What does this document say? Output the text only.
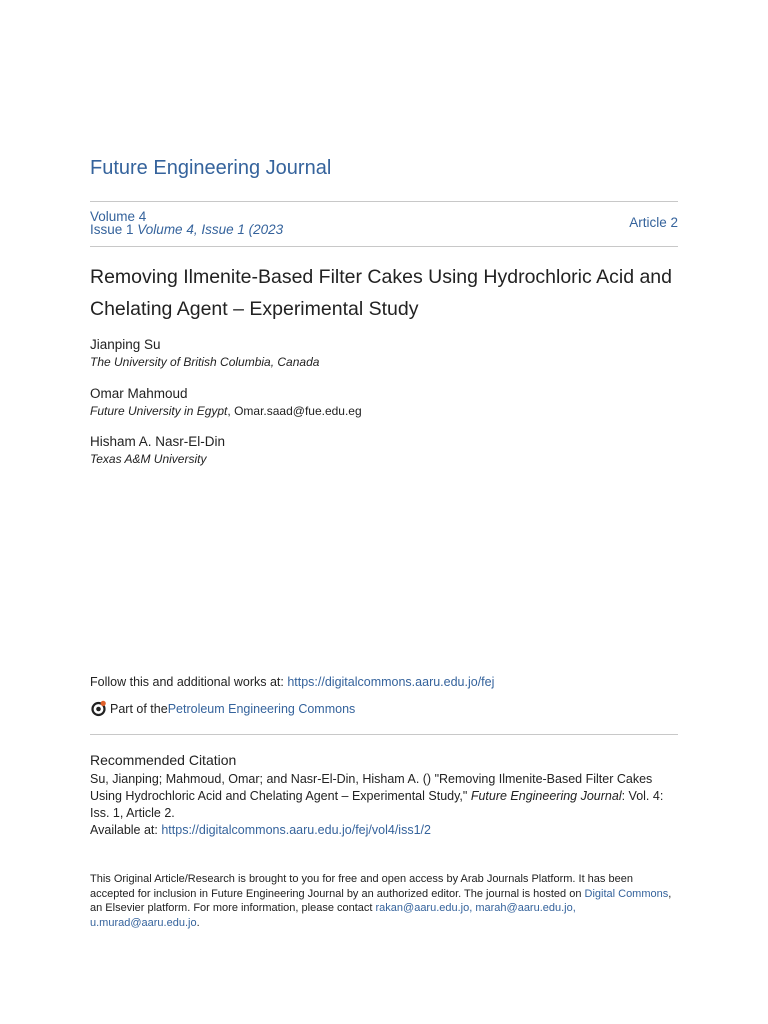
Future Engineering Journal
Volume 4
Issue 1 Volume 4, Issue 1 (2023	Article 2
Removing Ilmenite-Based Filter Cakes Using Hydrochloric Acid and Chelating Agent – Experimental Study
Jianping Su
The University of British Columbia, Canada
Omar Mahmoud
Future University in Egypt, Omar.saad@fue.edu.eg
Hisham A. Nasr-El-Din
Texas A&M University
Follow this and additional works at: https://digitalcommons.aaru.edu.jo/fej
Part of the Petroleum Engineering Commons
Recommended Citation
Su, Jianping; Mahmoud, Omar; and Nasr-El-Din, Hisham A. () "Removing Ilmenite-Based Filter Cakes Using Hydrochloric Acid and Chelating Agent – Experimental Study," Future Engineering Journal: Vol. 4: Iss. 1, Article 2.
Available at: https://digitalcommons.aaru.edu.jo/fej/vol4/iss1/2
This Original Article/Research is brought to you for free and open access by Arab Journals Platform. It has been accepted for inclusion in Future Engineering Journal by an authorized editor. The journal is hosted on Digital Commons, an Elsevier platform. For more information, please contact rakan@aaru.edu.jo, marah@aaru.edu.jo, u.murad@aaru.edu.jo.
